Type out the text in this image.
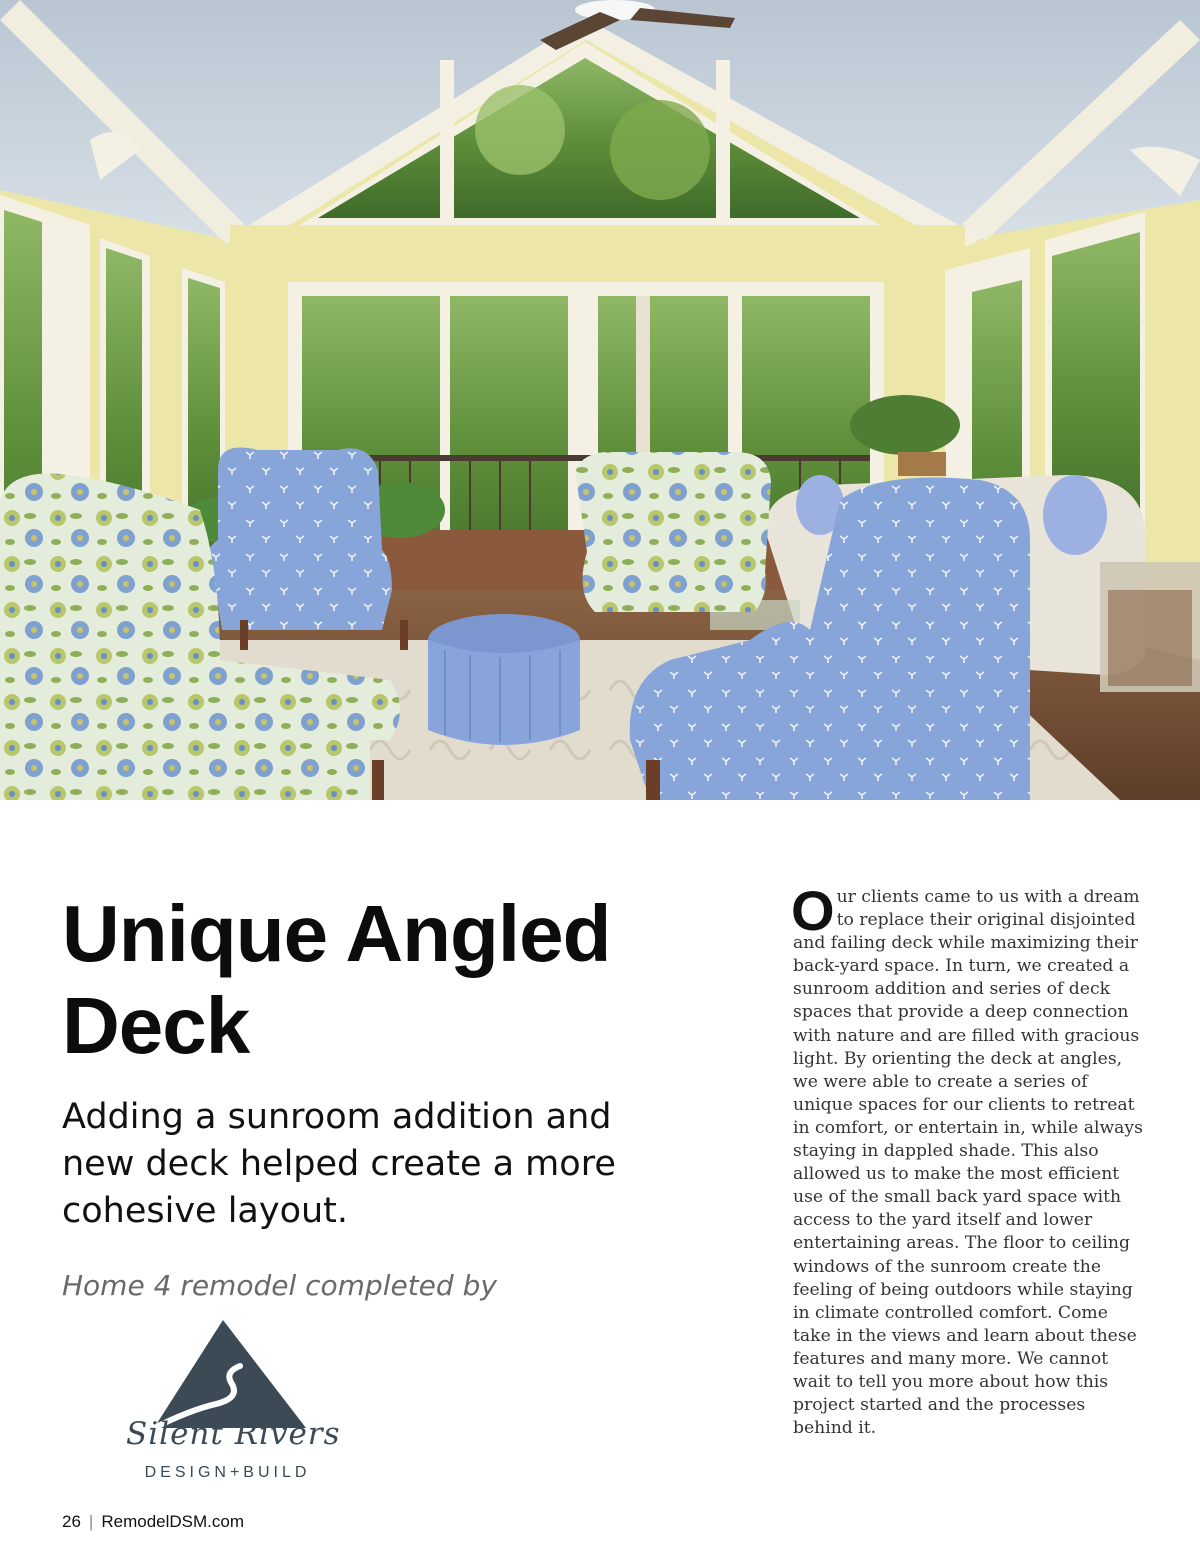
Unique Angled Deck

Adding a sunroom addition and new deck helped create a more cohesive layout.

Home 4 remodel completed by

Silent Rivers
DESIGN+BUILD

26 | RemodelDSM.com

Our clients came to us with a dream to replace their original disjointed and failing deck while maximizing their back-yard space. In turn, we created a sunroom addition and series of deck spaces that provide a deep connection with nature and are filled with gracious light. By orienting the deck at angles, we were able to create a series of unique spaces for our clients to retreat in comfort, or entertain in, while always staying in dappled shade. This also allowed us to make the most efficient use of the small back yard space with access to the yard itself and lower entertaining areas. The floor to ceiling windows of the sunroom create the feeling of being outdoors while staying in climate controlled comfort. Come take in the views and learn about these features and many more. We cannot wait to tell you more about how this project started and the processes behind it.
